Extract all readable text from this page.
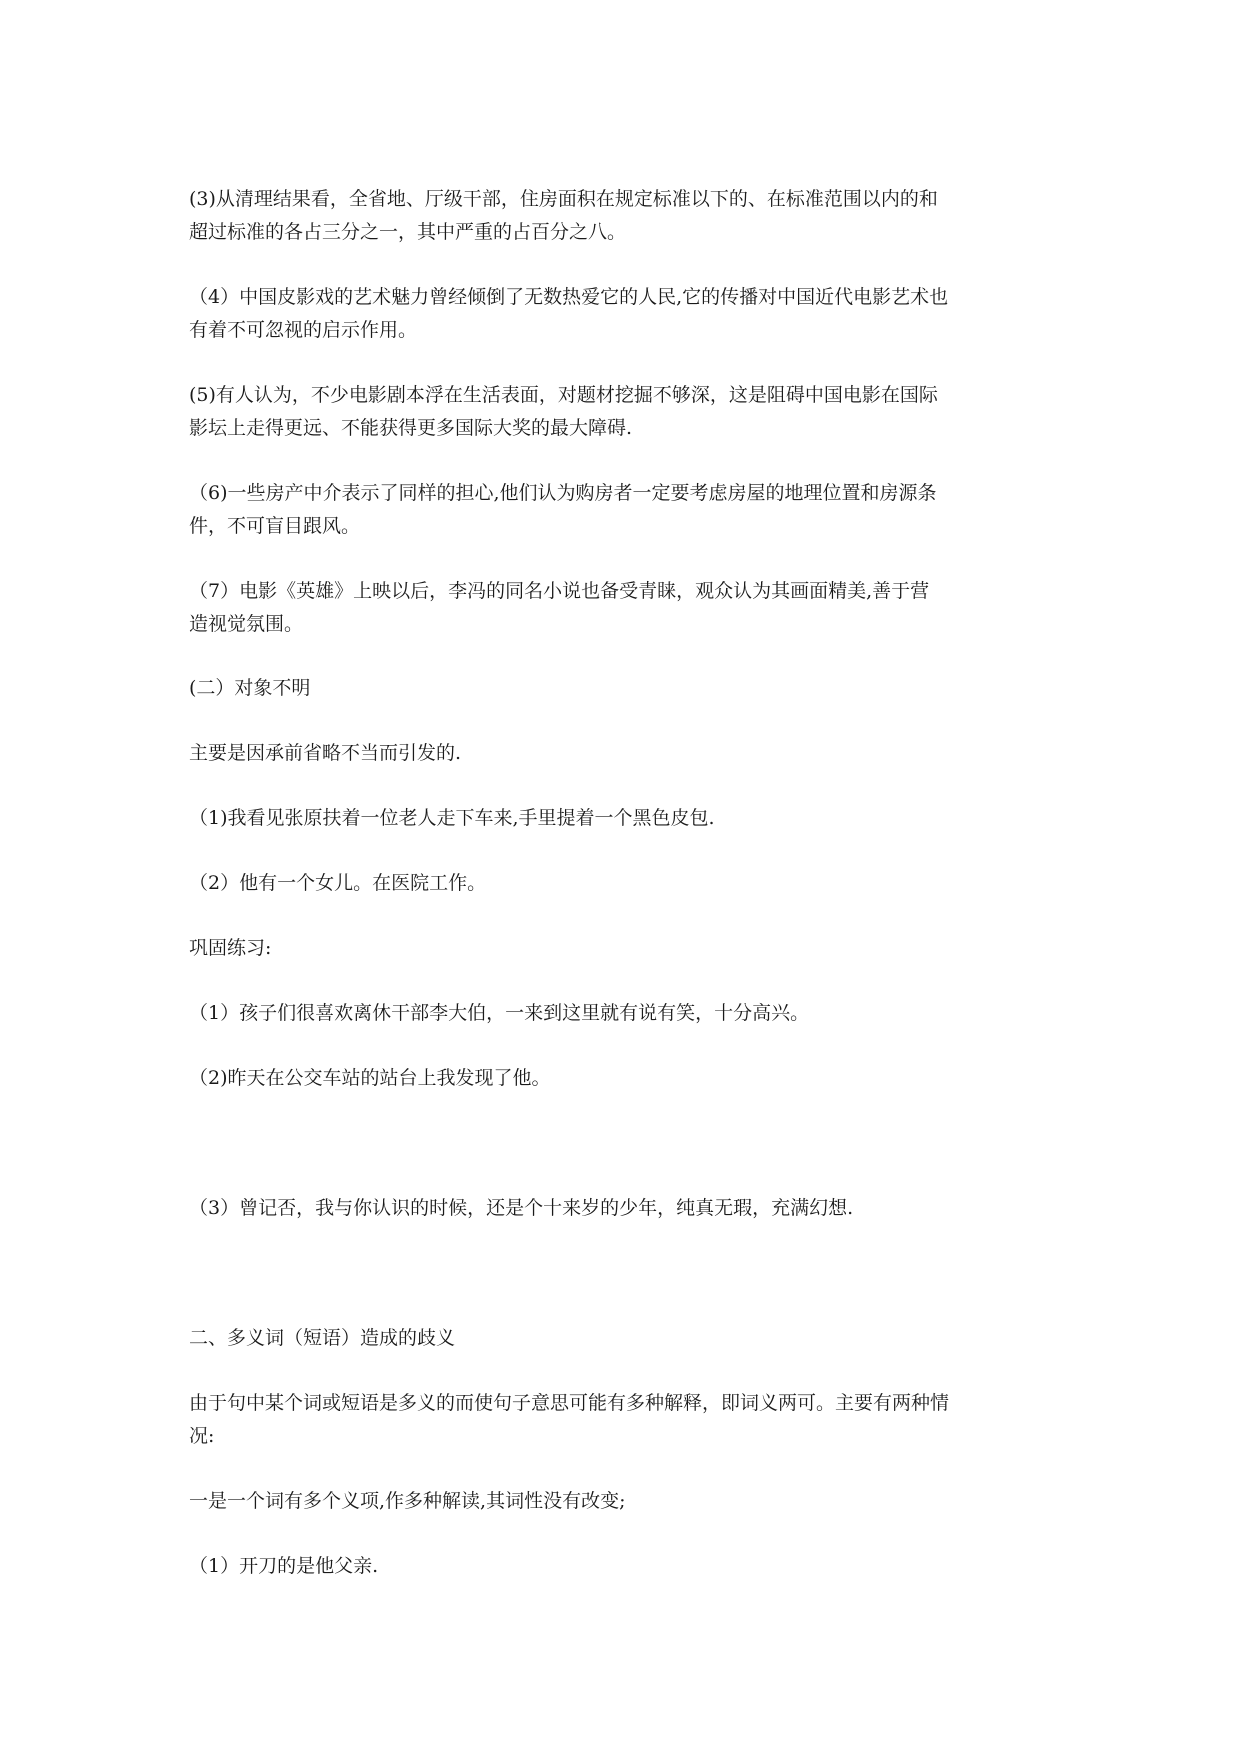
(3)从清理结果看，全省地、厅级干部，住房面积在规定标准以下的、在标准范围以内的和
超过标准的各占三分之一，其中严重的占百分之八。

（4）中国皮影戏的艺术魅力曾经倾倒了无数热爱它的人民,它的传播对中国近代电影艺术也
有着不可忽视的启示作用。

(5)有人认为，不少电影剧本浮在生活表面，对题材挖掘不够深，这是阻碍中国电影在国际
影坛上走得更远、不能获得更多国际大奖的最大障碍.

（6)一些房产中介表示了同样的担心,他们认为购房者一定要考虑房屋的地理位置和房源条
件，不可盲目跟风。

（7）电影《英雄》上映以后，李冯的同名小说也备受青睐，观众认为其画面精美,善于营
造视觉氛围。

(二）对象不明

主要是因承前省略不当而引发的.

（1)我看见张原扶着一位老人走下车来,手里提着一个黑色皮包.

（2）他有一个女儿。在医院工作。

巩固练习:

（1）孩子们很喜欢离休干部李大伯，一来到这里就有说有笑，十分高兴。

（2)昨天在公交车站的站台上我发现了他。

（3）曾记否，我与你认识的时候，还是个十来岁的少年，纯真无瑕，充满幻想.

二、多义词（短语）造成的歧义

由于句中某个词或短语是多义的而使句子意思可能有多种解释，即词义两可。主要有两种情
况:

一是一个词有多个义项,作多种解读,其词性没有改变;

（1）开刀的是他父亲.
